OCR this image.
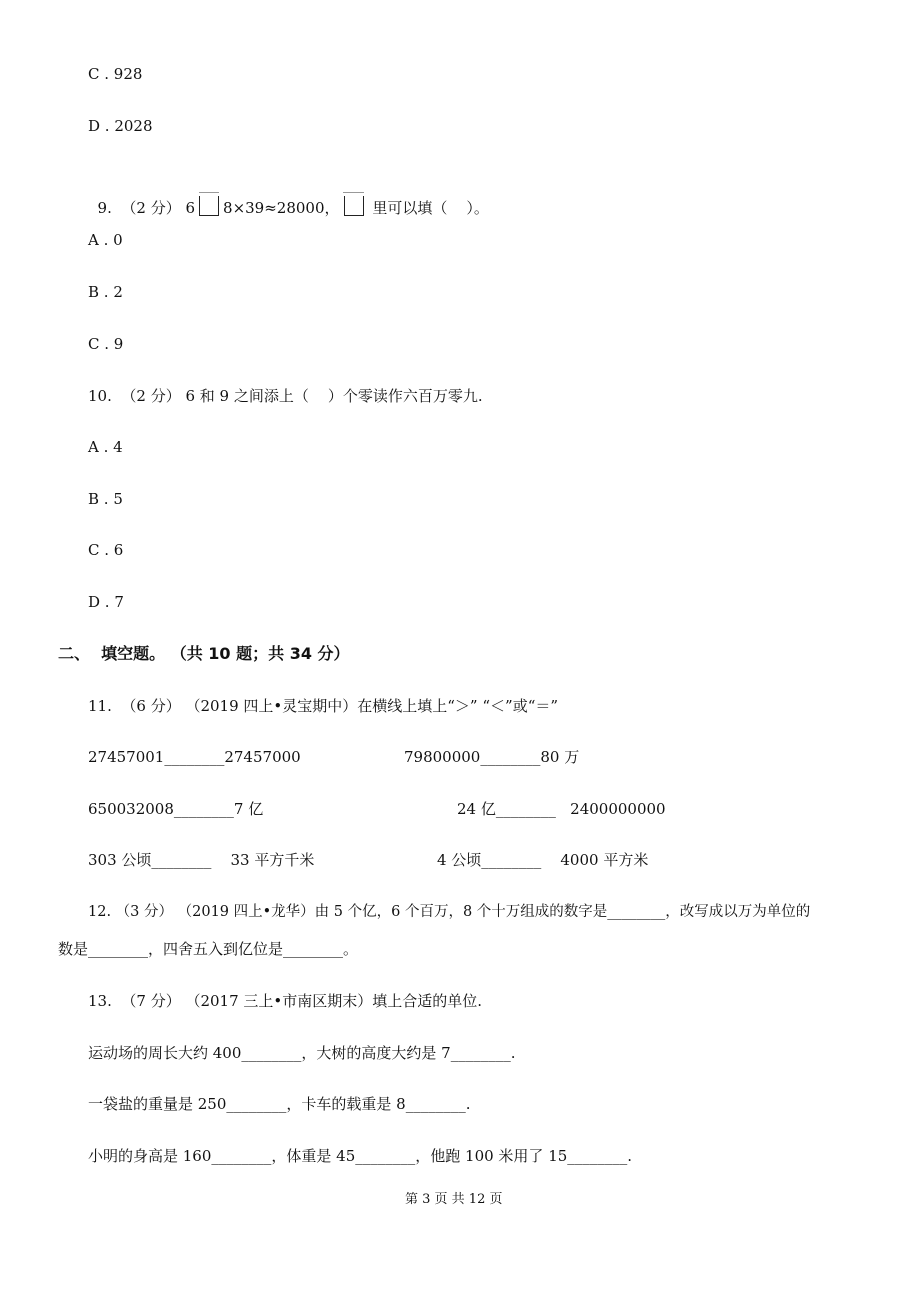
C . 928
D . 2028

9.  （2 分） 6 8×39≈28000， 里可以填（    ）。

A . 0
B . 2
C . 9
10.  （2 分） 6 和 9 之间添上（    ）个零读作六百万零九.
A . 4
B . 5
C . 6
D . 7
二、  填空题。 （共 10 题；共 34 分）
11.  （6 分） （2019 四上•灵宝期中）在横线上填上“＞” “＜”或“＝”
27457001________27457000	79800000________80 万
650032008________7 亿	24 亿________   2400000000
303 公顷________    33 平方千米	4 公顷________    4000 平方米
12. （3 分） （2019 四上•龙华）由 5 个亿，6 个百万，8 个十万组成的数字是________，改写成以万为单位的
数是________，四舍五入到亿位是________。
13.  （7 分） （2017 三上•市南区期末）填上合适的单位.
运动场的周长大约 400________，大树的高度大约是 7________.
一袋盐的重量是 250________，卡车的载重是 8________.
小明的身高是 160________，体重是 45________，他跑 100 米用了 15________.
第 3 页 共 12 页
